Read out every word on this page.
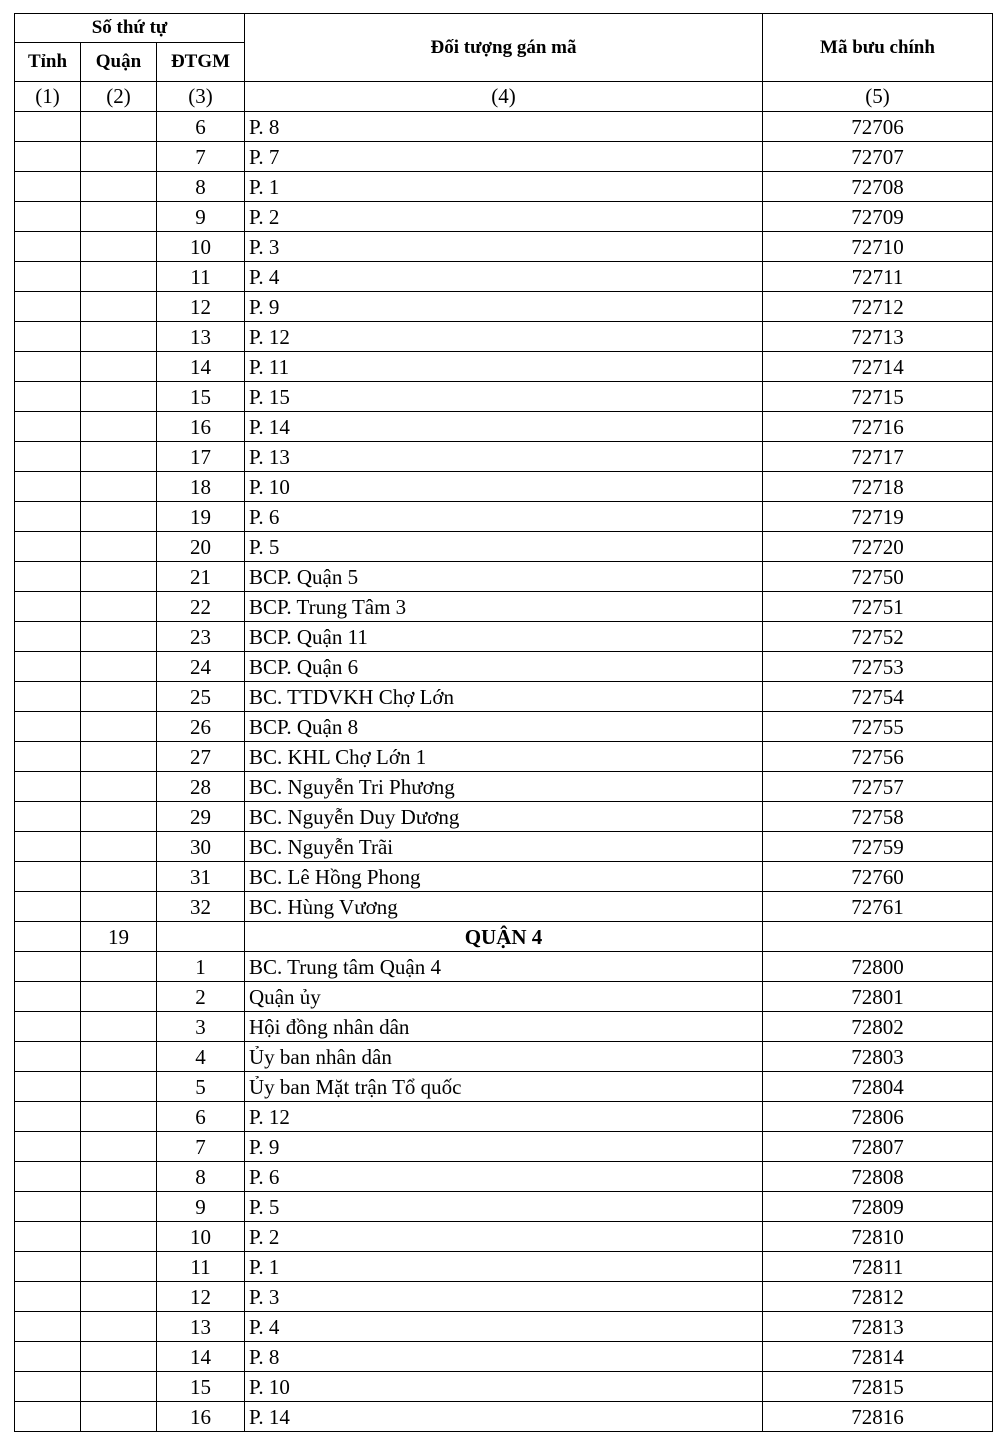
Số thứ tự			Đối tượng gán mã	Mã bưu chính
Tỉnh	Quận	ĐTGM		
(1)	(2)	(3)	(4)	(5)
		6	P. 8	72706
		7	P. 7	72707
		8	P. 1	72708
		9	P. 2	72709
		10	P. 3	72710
		11	P. 4	72711
		12	P. 9	72712
		13	P. 12	72713
		14	P. 11	72714
		15	P. 15	72715
		16	P. 14	72716
		17	P. 13	72717
		18	P. 10	72718
		19	P. 6	72719
		20	P. 5	72720
		21	BCP. Quận 5	72750
		22	BCP. Trung Tâm 3	72751
		23	BCP. Quận 11	72752
		24	BCP. Quận 6	72753
		25	BC. TTDVKH Chợ Lớn	72754
		26	BCP. Quận 8	72755
		27	BC. KHL Chợ Lớn 1	72756
		28	BC. Nguyễn Tri Phương	72757
		29	BC. Nguyễn Duy Dương	72758
		30	BC. Nguyễn Trãi	72759
		31	BC. Lê Hồng Phong	72760
		32	BC. Hùng Vương	72761
	19		QUẬN 4	
		1	BC. Trung tâm Quận 4	72800
		2	Quận ủy	72801
		3	Hội đồng nhân dân	72802
		4	Ủy ban nhân dân	72803
		5	Ủy ban Mặt trận Tổ quốc	72804
		6	P. 12	72806
		7	P. 9	72807
		8	P. 6	72808
		9	P. 5	72809
		10	P. 2	72810
		11	P. 1	72811
		12	P. 3	72812
		13	P. 4	72813
		14	P. 8	72814
		15	P. 10	72815
		16	P. 14	72816
